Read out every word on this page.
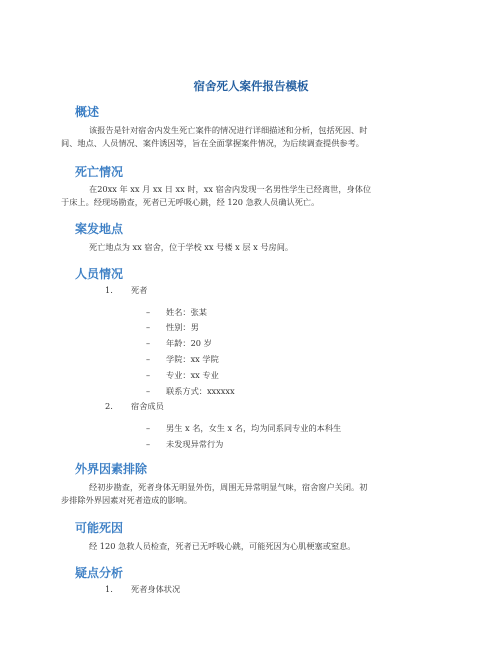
宿舍死人案件报告模板
概述
该报告是针对宿舍内发生死亡案件的情况进行详细描述和分析，包括死因、时
间、地点、人员情况、案件诱因等，旨在全面掌握案件情况，为后续调查提供参考。
死亡情况
在20xx 年 xx 月 xx 日 xx 时，xx 宿舍内发现一名男性学生已经离世，身体位
于床上。经现场勘查，死者已无呼吸心跳，经 120 急救人员确认死亡。
案发地点
死亡地点为 xx 宿舍，位于学校 xx 号楼 x 层 x 号房间。
人员情况
1. 死者
– 姓名：张某
– 性别：男
– 年龄：20 岁
– 学院：xx 学院
– 专业：xx 专业
– 联系方式：xxxxxx
2. 宿舍成员
– 男生 x 名，女生 x 名，均为同系同专业的本科生
– 未发现异常行为
外界因素排除
经初步勘查，死者身体无明显外伤，周围无异常明显气味，宿舍窗户关闭。初
步排除外界因素对死者造成的影响。
可能死因
经 120 急救人员检查，死者已无呼吸心跳，可能死因为心肌梗塞或窒息。
疑点分析
1. 死者身体状况
